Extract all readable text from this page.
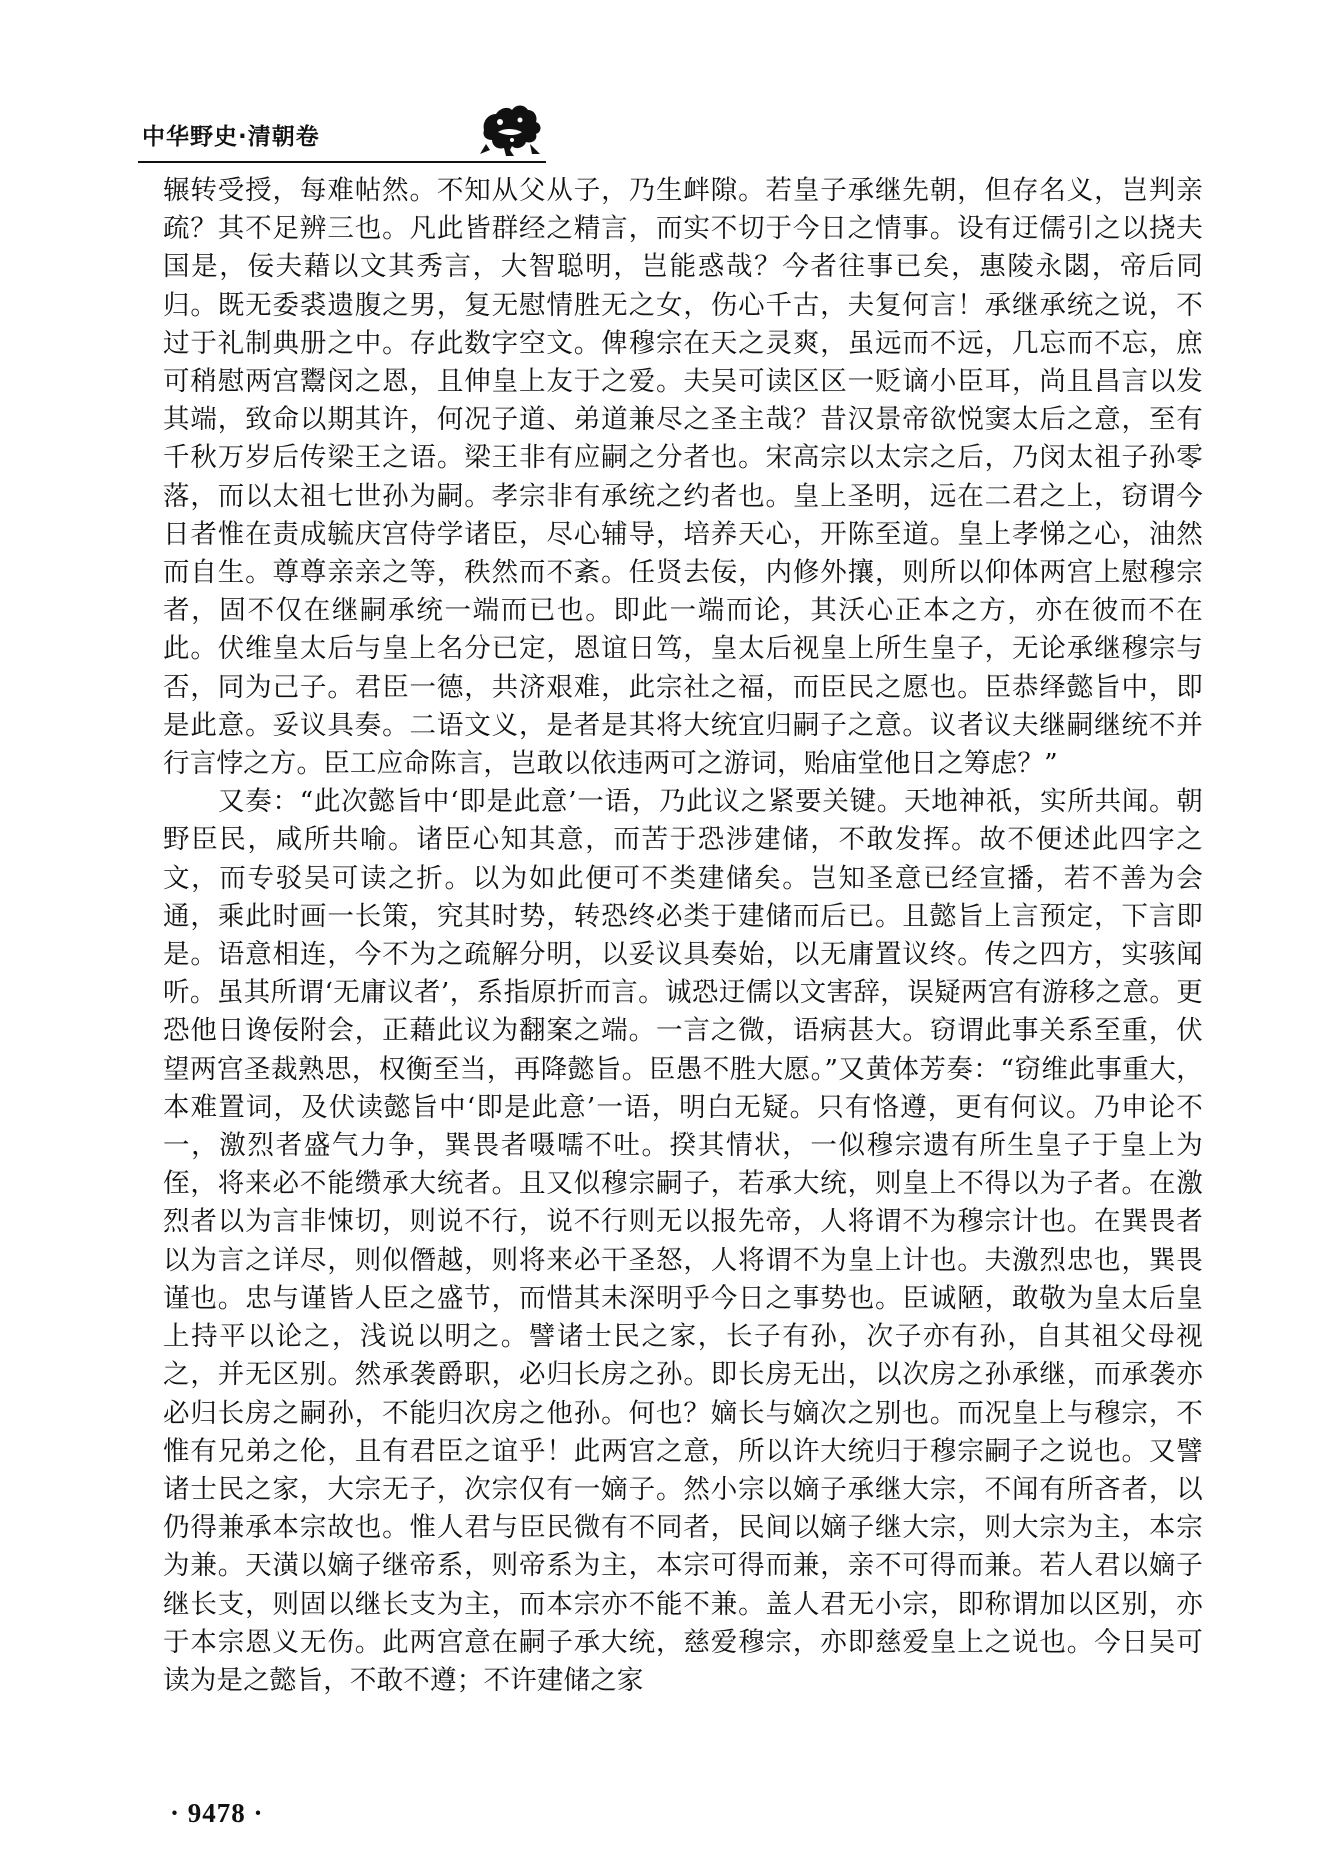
中华野史·清朝卷

辗转受授，每难帖然。不知从父从子，乃生衅隙。若皇子承继先朝，但存名义，岂判亲疏？其不足辨三也。凡此皆群经之精言，而实不切于今日之情事。设有迂儒引之以挠夫国是，佞夫藉以文其秀言，大智聪明，岂能惑哉？今者往事已矣，惠陵永閟，帝后同归。既无委裘遗腹之男，复无慰情胜无之女，伤心千古，夫复何言！承继承统之说，不过于礼制典册之中。存此数字空文。俾穆宗在天之灵爽，虽远而不远，几忘而不忘，庶可稍慰两宫鬻闵之恩，且伸皇上友于之爱。夫吴可读区区一贬谪小臣耳，尚且昌言以发其端，致命以期其许，何况子道、弟道兼尽之圣主哉？昔汉景帝欲悦窦太后之意，至有千秋万岁后传梁王之语。梁王非有应嗣之分者也。宋高宗以太宗之后，乃闵太祖子孙零落，而以太祖七世孙为嗣。孝宗非有承统之约者也。皇上圣明，远在二君之上，窃谓今日者惟在责成毓庆宫侍学诸臣，尽心辅导，培养天心，开陈至道。皇上孝悌之心，油然而自生。尊尊亲亲之等，秩然而不紊。任贤去佞，内修外攘，则所以仰体两宫上慰穆宗者，固不仅在继嗣承统一端而已也。即此一端而论，其沃心正本之方，亦在彼而不在此。伏维皇太后与皇上名分已定，恩谊日笃，皇太后视皇上所生皇子，无论承继穆宗与否，同为己子。君臣一德，共济艰难，此宗社之福，而臣民之愿也。臣恭绎懿旨中，即是此意。妥议具奏。二语文义，是者是其将大统宜归嗣子之意。议者议夫继嗣继统不并行言悖之方。臣工应命陈言，岂敢以依违两可之游词，贻庙堂他日之筹虑？”

又奏：“此次懿旨中‘即是此意’一语，乃此议之紧要关键。天地神祇，实所共闻。朝野臣民，咸所共喻。诸臣心知其意，而苦于恐涉建储，不敢发挥。故不便述此四字之文，而专驳吴可读之折。以为如此便可不类建储矣。岂知圣意已经宣播，若不善为会通，乘此时画一长策，究其时势，转恐终必类于建储而后已。且懿旨上言预定，下言即是。语意相连，今不为之疏解分明，以妥议具奏始，以无庸置议终。传之四方，实骇闻听。虽其所谓‘无庸议者’，系指原折而言。诚恐迂儒以文害辞，误疑两宫有游移之意。更恐他日谗佞附会，正藉此议为翻案之端。一言之微，语病甚大。窃谓此事关系至重，伏望两宫圣裁熟思，权衡至当，再降懿旨。臣愚不胜大愿。”又黄体芳奏：“窃维此事重大，本难置词，及伏读懿旨中‘即是此意’一语，明白无疑。只有恪遵，更有何议。乃申论不一，激烈者盛气力争，巽畏者嗫嚅不吐。揆其情状，一似穆宗遗有所生皇子于皇上为侄，将来必不能缵承大统者。且又似穆宗嗣子，若承大统，则皇上不得以为子者。在激烈者以为言非悚切，则说不行，说不行则无以报先帝，人将谓不为穆宗计也。在巽畏者以为言之详尽，则似僭越，则将来必干圣怒，人将谓不为皇上计也。夫激烈忠也，巽畏谨也。忠与谨皆人臣之盛节，而惜其未深明乎今日之事势也。臣诚陋，敢敬为皇太后皇上持平以论之，浅说以明之。譬诸士民之家，长子有孙，次子亦有孙，自其祖父母视之，并无区别。然承袭爵职，必归长房之孙。即长房无出，以次房之孙承继，而承袭亦必归长房之嗣孙，不能归次房之他孙。何也？嫡长与嫡次之别也。而况皇上与穆宗，不惟有兄弟之伦，且有君臣之谊乎！此两宫之意，所以许大统归于穆宗嗣子之说也。又譬诸士民之家，大宗无子，次宗仅有一嫡子。然小宗以嫡子承继大宗，不闻有所吝者，以仍得兼承本宗故也。惟人君与臣民微有不同者，民间以嫡子继大宗，则大宗为主，本宗为兼。天潢以嫡子继帝系，则帝系为主，本宗可得而兼，亲不可得而兼。若人君以嫡子继长支，则固以继长支为主，而本宗亦不能不兼。盖人君无小宗，即称谓加以区别，亦于本宗恩义无伤。此两宫意在嗣子承大统，慈爱穆宗，亦即慈爱皇上之说也。今日吴可读为是之懿旨，不敢不遵；不许建储之家

· 9478 ·
